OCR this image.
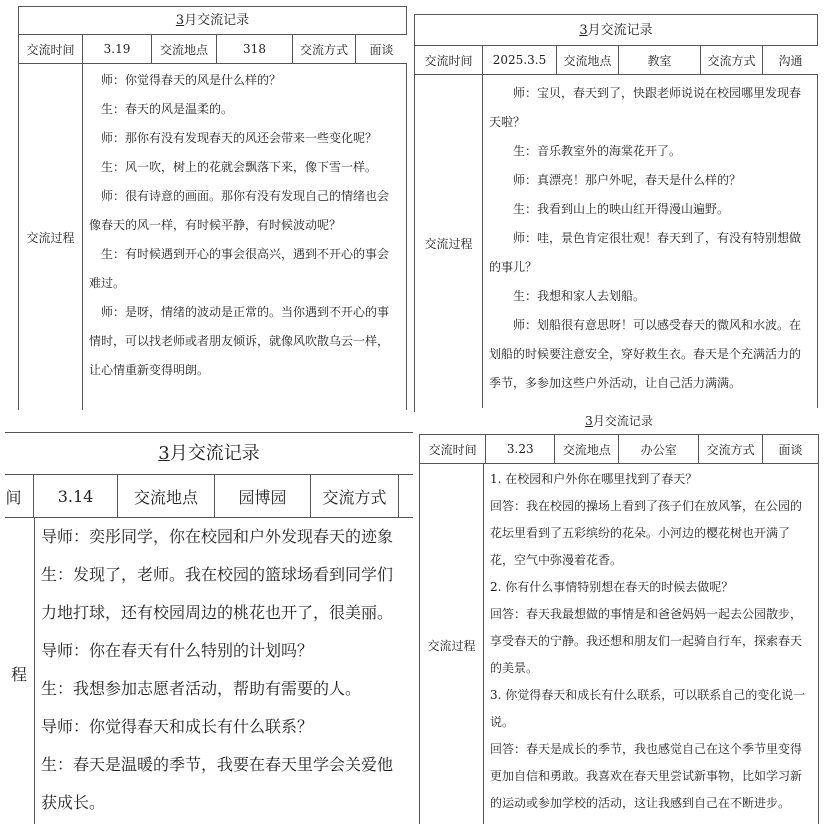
3月交流记录
交流时间	3.19	交流地点	318	交流方式	面谈
交流过程

师：你觉得春天的风是什么样的？

生：春天的风是温柔的。

师：那你有没有发现春天的风还会带来一些变化呢？

生：风一吹，树上的花就会飘落下来，像下雪一样。

师：很有诗意的画面。那你有没有发现自己的情绪也会像春天的风一样，有时候平静，有时候波动呢？

生：有时候遇到开心的事会很高兴，遇到不开心的事会难过。

师：是呀，情绪的波动是正常的。当你遇到不开心的事情时，可以找老师或者朋友倾诉，就像风吹散乌云一样，让心情重新变得明朗。

3月交流记录
交流时间	2025.3.5	交流地点	教室	交流方式	沟通
交流过程

师：宝贝，春天到了，快跟老师说说在校园哪里发现春天啦？

生：音乐教室外的海棠花开了。

师：真漂亮！那户外呢，春天是什么样的？

生：我看到山上的映山红开得漫山遍野。

师：哇，景色肯定很壮观！春天到了，有没有特别想做的事儿？

生：我想和家人去划船。

师：划船很有意思呀！可以感受春天的微风和水波。在划船的时候要注意安全，穿好救生衣。春天是个充满活力的季节，多参加这些户外活动，让自己活力满满。

3月交流记录
间	3.14	交流地点	园博园	交流方式	
程

导师：奕彤同学，你在校园和户外发现春天的迹象

生：发现了，老师。我在校园的篮球场看到同学们

力地打球，还有校园周边的桃花也开了，很美丽。

导师：你在春天有什么特别的计划吗？

生：我想参加志愿者活动，帮助有需要的人。

导师：你觉得春天和成长有什么联系？

生：春天是温暖的季节，我要在春天里学会关爱他

获成长。

3月交流记录
交流时间	3.23	交流地点	办公室	交流方式	面谈
交流过程

1. 在校园和户外你在哪里找到了春天？

回答：我在校园的操场上看到了孩子们在放风筝，在公园的花坛里看到了五彩缤纷的花朵。小河边的樱花树也开满了花，空气中弥漫着花香。

2. 你有什么事情特别想在春天的时候去做呢？

回答：春天我最想做的事情是和爸爸妈妈一起去公园散步，享受春天的宁静。我还想和朋友们一起骑自行车，探索春天的美景。

3. 你觉得春天和成长有什么联系，可以联系自己的变化说一说。

回答：春天是成长的季节，我也感觉自己在这个季节里变得更加自信和勇敢。我喜欢在春天里尝试新事物，比如学习新的运动或参加学校的活动，这让我感到自己在不断进步。
